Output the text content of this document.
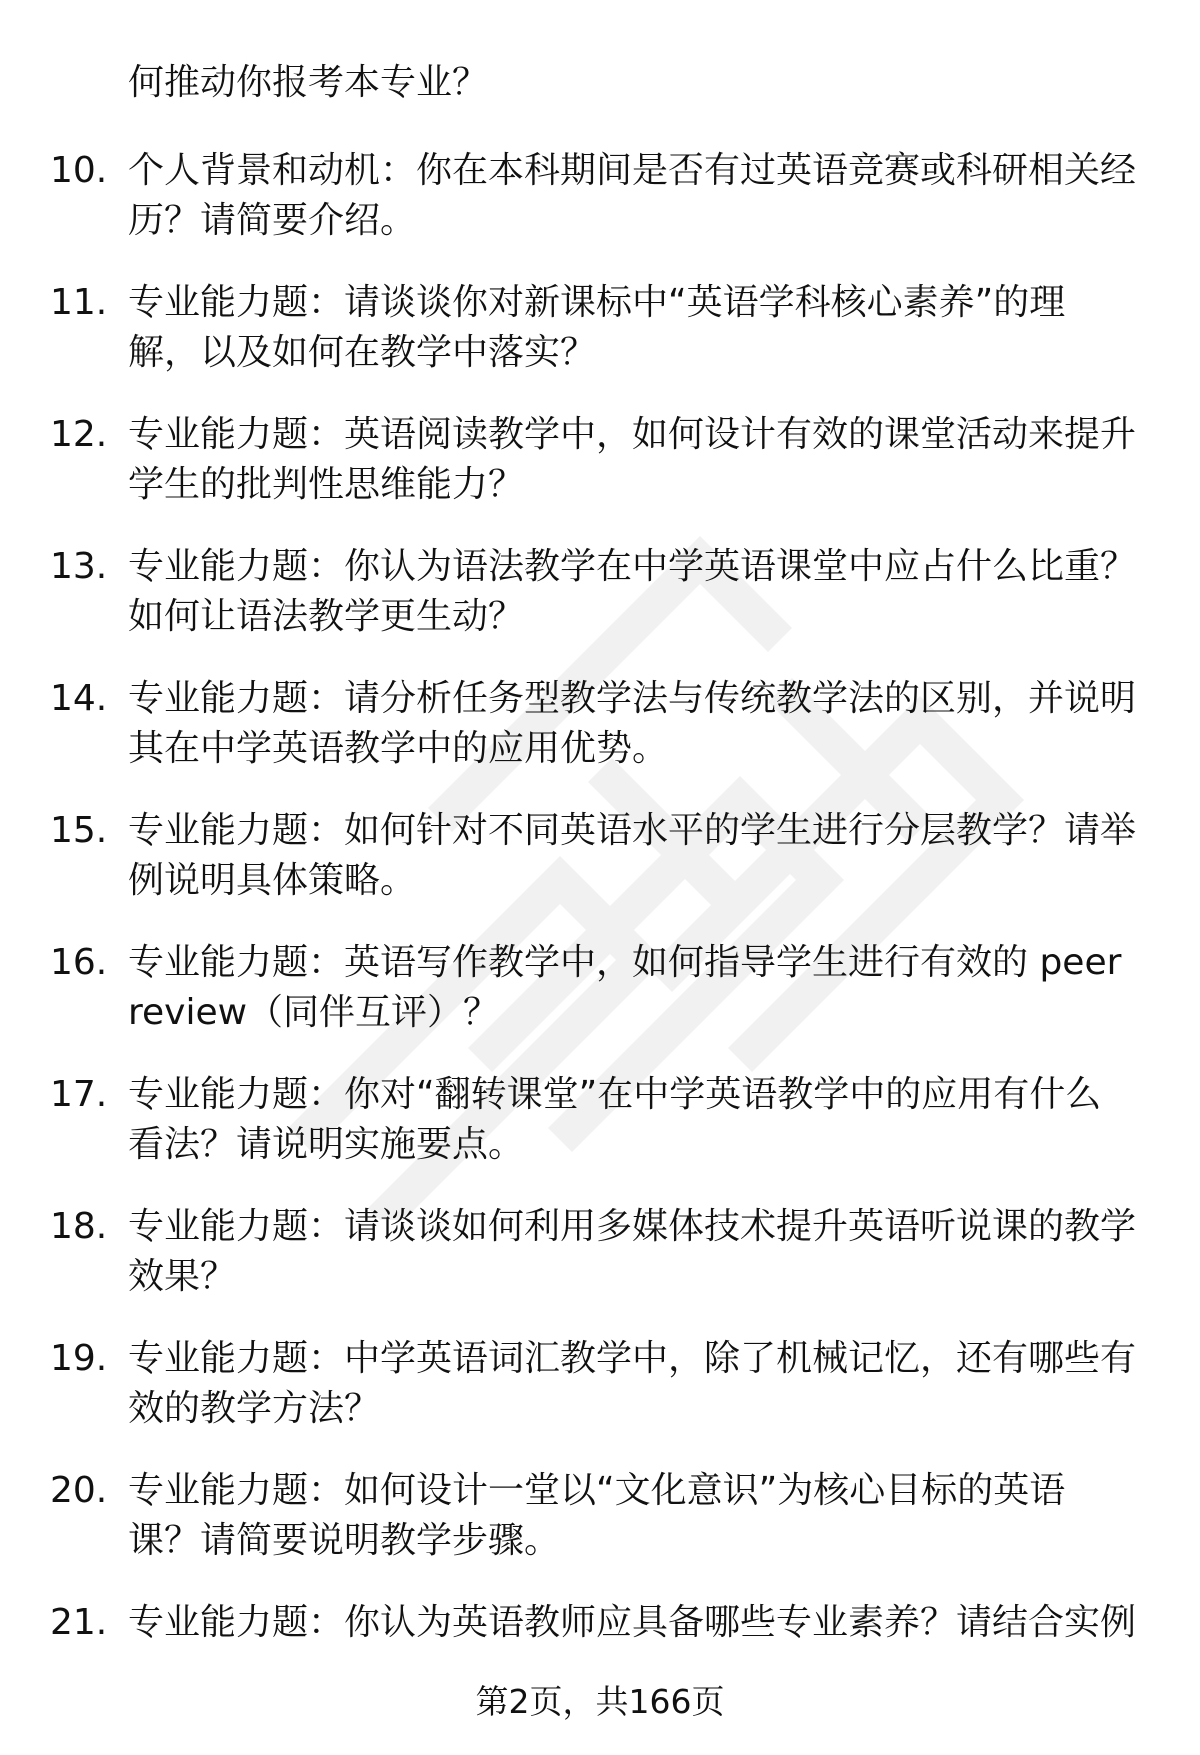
何推动你报考本专业？
10. 个人背景和动机：你在本科期间是否有过英语竞赛或科研相关经
历？请简要介绍。
11. 专业能力题：请谈谈你对新课标中“英语学科核心素养”的理
解，以及如何在教学中落实？
12. 专业能力题：英语阅读教学中，如何设计有效的课堂活动来提升
学生的批判性思维能力？
13. 专业能力题：你认为语法教学在中学英语课堂中应占什么比重？
如何让语法教学更生动？
14. 专业能力题：请分析任务型教学法与传统教学法的区别，并说明
其在中学英语教学中的应用优势。
15. 专业能力题：如何针对不同英语水平的学生进行分层教学？请举
例说明具体策略。
16. 专业能力题：英语写作教学中，如何指导学生进行有效的 peer
review（同伴互评）？
17. 专业能力题：你对“翻转课堂”在中学英语教学中的应用有什么
看法？请说明实施要点。
18. 专业能力题：请谈谈如何利用多媒体技术提升英语听说课的教学
效果？
19. 专业能力题：中学英语词汇教学中，除了机械记忆，还有哪些有
效的教学方法？
20. 专业能力题：如何设计一堂以“文化意识”为核心目标的英语
课？请简要说明教学步骤。
21. 专业能力题：你认为英语教师应具备哪些专业素养？请结合实例
第2页，共166页
